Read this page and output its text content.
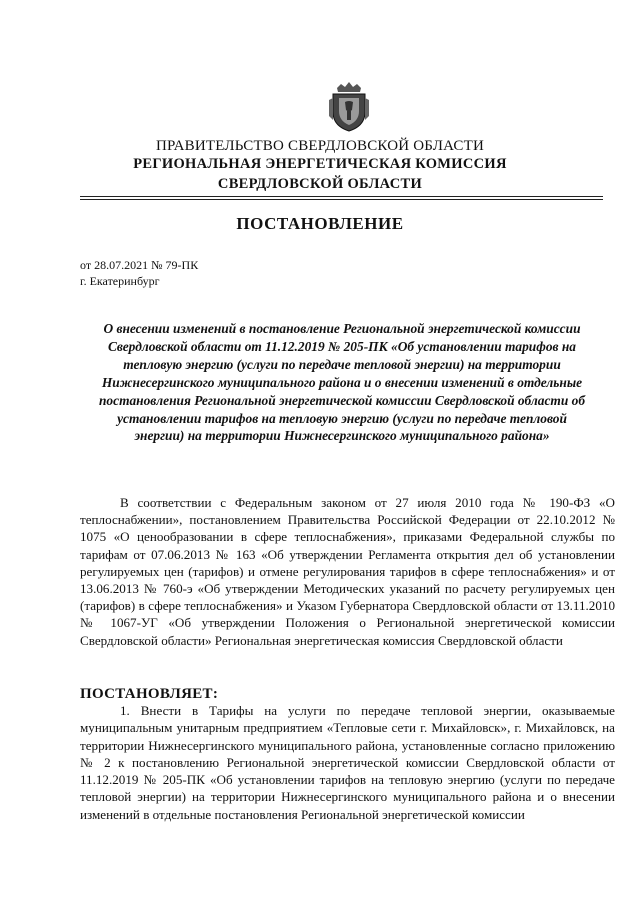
ПРАВИТЕЛЬСТВО СВЕРДЛОВСКОЙ ОБЛАСТИ
РЕГИОНАЛЬНАЯ ЭНЕРГЕТИЧЕСКАЯ КОМИССИЯ
СВЕРДЛОВСКОЙ ОБЛАСТИ
ПОСТАНОВЛЕНИЕ
от 28.07.2021 № 79-ПК
г. Екатеринбург
О внесении изменений в постановление Региональной энергетической комиссии Свердловской области от 11.12.2019 № 205-ПК «Об установлении тарифов на тепловую энергию (услуги по передаче тепловой энергии) на территории Нижнесергинского муниципального района и о внесении изменений в отдельные постановления Региональной энергетической комиссии Свердловской области об установлении тарифов на тепловую энергию (услуги по передаче тепловой энергии) на территории Нижнесергинского муниципального района»

В соответствии с Федеральным законом от 27 июля 2010 года № 190-ФЗ «О теплоснабжении», постановлением Правительства Российской Федерации от 22.10.2012 № 1075 «О ценообразовании в сфере теплоснабжения», приказами Федеральной службы по тарифам от 07.06.2013 № 163 «Об утверждении Регламента открытия дел об установлении регулируемых цен (тарифов) и отмене регулирования тарифов в сфере теплоснабжения» и от 13.06.2013 № 760-э «Об утверждении Методических указаний по расчету регулируемых цен (тарифов) в сфере теплоснабжения» и Указом Губернатора Свердловской области от 13.11.2010 № 1067-УГ «Об утверждении Положения о Региональной энергетической комиссии Свердловской области» Региональная энергетическая комиссия Свердловской области

ПОСТАНОВЛЯЕТ:

1. Внести в Тарифы на услуги по передаче тепловой энергии, оказываемые муниципальным унитарным предприятием «Тепловые сети г. Михайловск», г. Михайловск, на территории Нижнесергинского муниципального района, установленные согласно приложению № 2 к постановлению Региональной энергетической комиссии Свердловской области от 11.12.2019 № 205-ПК «Об установлении тарифов на тепловую энергию (услуги по передаче тепловой энергии) на территории Нижнесергинского муниципального района и о внесении изменений в отдельные постановления Региональной энергетической комиссии
